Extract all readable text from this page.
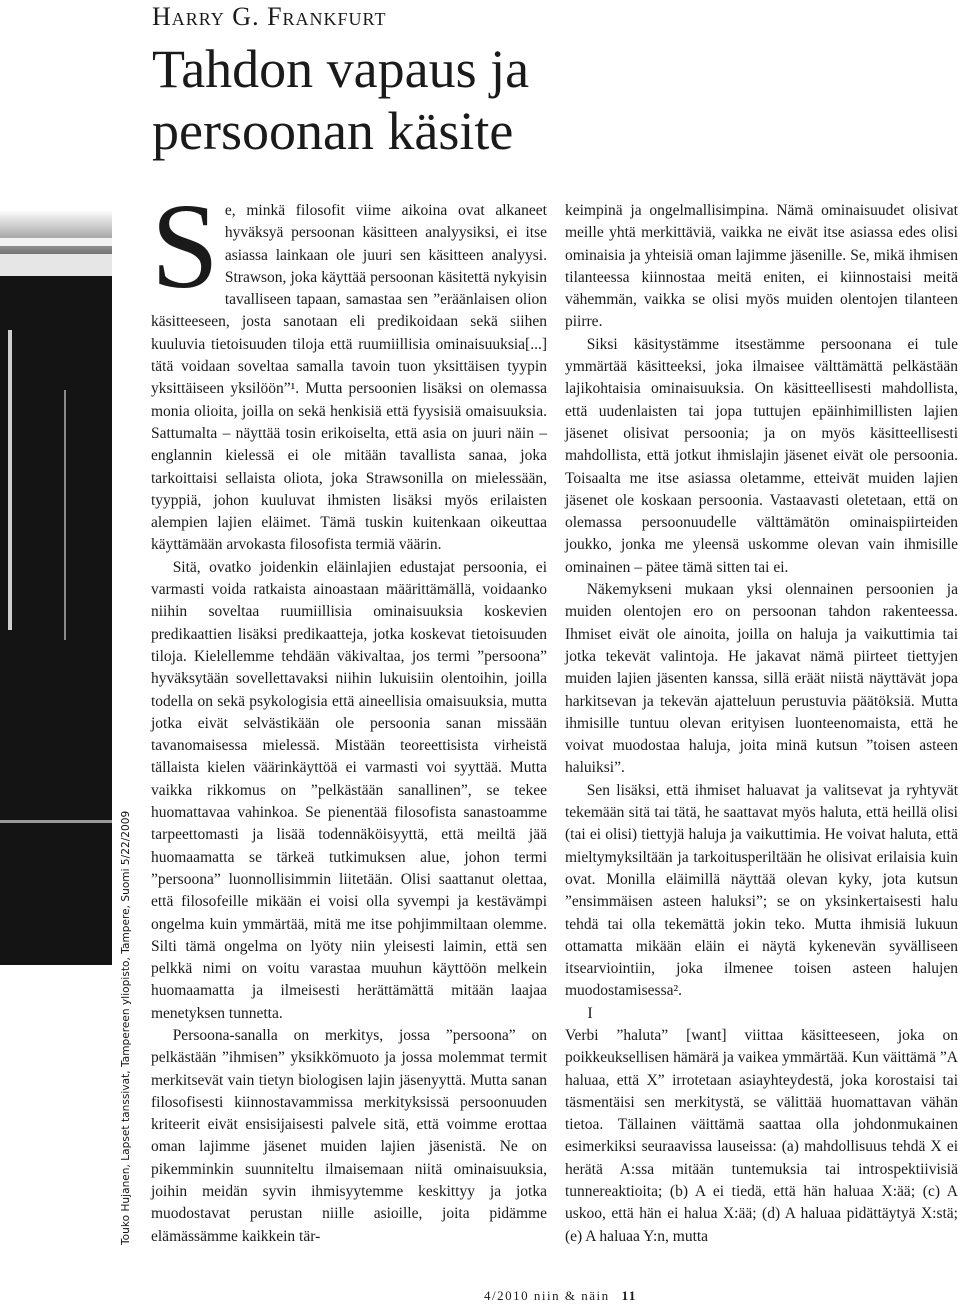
Touko Hujanen, Lapset tanssivat, Tampereen yliopisto, Tampere, Suomi 5/22/2009
Harry G. Frankfurt
Tahdon vapaus ja persoonan käsite

Se, minkä filosofit viime aikoina ovat alkaneet hyväksyä persoonan käsitteen analyysiksi, ei itse asiassa lainkaan ole juuri sen käsitteen analyysi. Strawson, joka käyttää persoonan käsitettä nykyisin tavalliseen tapaan, samastaa sen ”eräänlaisen olion käsitteeseen, josta sanotaan eli predikoidaan sekä siihen kuuluvia tietoisuuden tiloja että ruumiillisia ominaisuuksia[...] tätä voidaan soveltaa samalla tavoin tuon yksittäisen tyypin yksittäiseen yksilöön”¹. Mutta persoonien lisäksi on olemassa monia olioita, joilla on sekä henkisiä että fyysisiä omaisuuksia. Sattumalta – näyttää tosin erikoiselta, että asia on juuri näin – englannin kielessä ei ole mitään tavallista sanaa, joka tarkoittaisi sellaista oliota, joka Strawsonilla on mielessään, tyyppiä, johon kuuluvat ihmisten lisäksi myös erilaisten alempien lajien eläimet. Tämä tuskin kuitenkaan oikeuttaa käyttämään arvokasta filosofista termiä väärin.

Sitä, ovatko joidenkin eläinlajien edustajat persoonia, ei varmasti voida ratkaista ainoastaan määrittämällä, voidaanko niihin soveltaa ruumiillisia ominaisuuksia koskevien predikaattien lisäksi predikaatteja, jotka koskevat tietoisuuden tiloja. Kielellemme tehdään väkivaltaa, jos termi ”persoona” hyväksytään sovellettavaksi niihin lukuisiin olentoihin, joilla todella on sekä psykologisia että aineellisia omaisuuksia, mutta jotka eivät selvästikään ole persoonia sanan missään tavanomaisessa mielessä. Mistään teoreettisista virheistä tällaista kielen väärinkäyttöä ei varmasti voi syyttää. Mutta vaikka rikkomus on ”pelkästään sanallinen”, se tekee huomattavaa vahinkoa. Se pienentää filosofista sanastoamme tarpeettomasti ja lisää todennäköisyyttä, että meiltä jää huomaamatta se tärkeä tutkimuksen alue, johon termi ”persoona” luonnollisimmin liitetään. Olisi saattanut olettaa, että filosofeille mikään ei voisi olla syvempi ja kestävämpi ongelma kuin ymmärtää, mitä me itse pohjimmiltaan olemme. Silti tämä ongelma on lyöty niin yleisesti laimin, että sen pelkkä nimi on voitu varastaa muuhun käyttöön melkein huomaamatta ja ilmeisesti herättämättä mitään laajaa menetyksen tunnetta.

Persoona-sanalla on merkitys, jossa ”persoona” on pelkästään ”ihmisen” yksikkömuoto ja jossa molemmat termit merkitsevät vain tietyn biologisen lajin jäsenyyttä. Mutta sanan filosofisesti kiinnostavammissa merkityksissä persoonuuden kriteerit eivät ensisijaisesti palvele sitä, että voimme erottaa oman lajimme jäsenet muiden lajien jäsenistä. Ne on pikemminkin suunniteltu ilmaisemaan niitä ominaisuuksia, joihin meidän syvin ihmisyytemme keskittyy ja jotka muodostavat perustan niille asioille, joita pidämme elämässämme kaikkein tär-

keimpinä ja ongelmallisimpina. Nämä ominaisuudet olisivat meille yhtä merkittäviä, vaikka ne eivät itse asiassa edes olisi ominaisia ja yhteisiä oman lajimme jäsenille. Se, mikä ihmisen tilanteessa kiinnostaa meitä eniten, ei kiinnostaisi meitä vähemmän, vaikka se olisi myös muiden olentojen tilanteen piirre.

Siksi käsitystämme itsestämme persoonana ei tule ymmärtää käsitteeksi, joka ilmaisee välttämättä pelkästään lajikohtaisia ominaisuuksia. On käsitteellisesti mahdollista, että uudenlaisten tai jopa tuttujen epäinhimillisten lajien jäsenet olisivat persoonia; ja on myös käsitteellisesti mahdollista, että jotkut ihmislajin jäsenet eivät ole persoonia. Toisaalta me itse asiassa oletamme, etteivät muiden lajien jäsenet ole koskaan persoonia. Vastaavasti oletetaan, että on olemassa persoonuudelle välttämätön ominaispiirteiden joukko, jonka me yleensä uskomme olevan vain ihmisille ominainen – pätee tämä sitten tai ei.

Näkemykseni mukaan yksi olennainen persoonien ja muiden olentojen ero on persoonan tahdon rakenteessa. Ihmiset eivät ole ainoita, joilla on haluja ja vaikuttimia tai jotka tekevät valintoja. He jakavat nämä piirteet tiettyjen muiden lajien jäsenten kanssa, sillä eräät niistä näyttävät jopa harkitsevan ja tekevän ajatteluun perustuvia päätöksiä. Mutta ihmisille tuntuu olevan erityisen luonteenomaista, että he voivat muodostaa haluja, joita minä kutsun ”toisen asteen haluiksi”.

Sen lisäksi, että ihmiset haluavat ja valitsevat ja ryhtyvät tekemään sitä tai tätä, he saattavat myös haluta, että heillä olisi (tai ei olisi) tiettyjä haluja ja vaikuttimia. He voivat haluta, että mieltymyksiltään ja tarkoitusperiltään he olisivat erilaisia kuin ovat. Monilla eläimillä näyttää olevan kyky, jota kutsun ”ensimmäisen asteen haluksi”; se on yksinkertaisesti halu tehdä tai olla tekemättä jokin teko. Mutta ihmisiä lukuun ottamatta mikään eläin ei näytä kykenevän syvälliseen itsearviointiin, joka ilmenee toisen asteen halujen muodostamisessa².

I

Verbi ”haluta” [want] viittaa käsitteeseen, joka on poikkeuksellisen hämärä ja vaikea ymmärtää. Kun väittämä ”A haluaa, että X” irrotetaan asiayhteydestä, joka korostaisi tai täsmentäisi sen merkitystä, se välittää huomattavan vähän tietoa. Tällainen väittämä saattaa olla johdonmukainen esimerkiksi seuraavissa lauseissa: (a) mahdollisuus tehdä X ei herätä A:ssa mitään tuntemuksia tai introspektiivisiä tunnereaktioita; (b) A ei tiedä, että hän haluaa X:ää; (c) A uskoo, että hän ei halua X:ää; (d) A haluaa pidättäytyä X:stä; (e) A haluaa Y:n, mutta

4/2010 niin & näin 11
